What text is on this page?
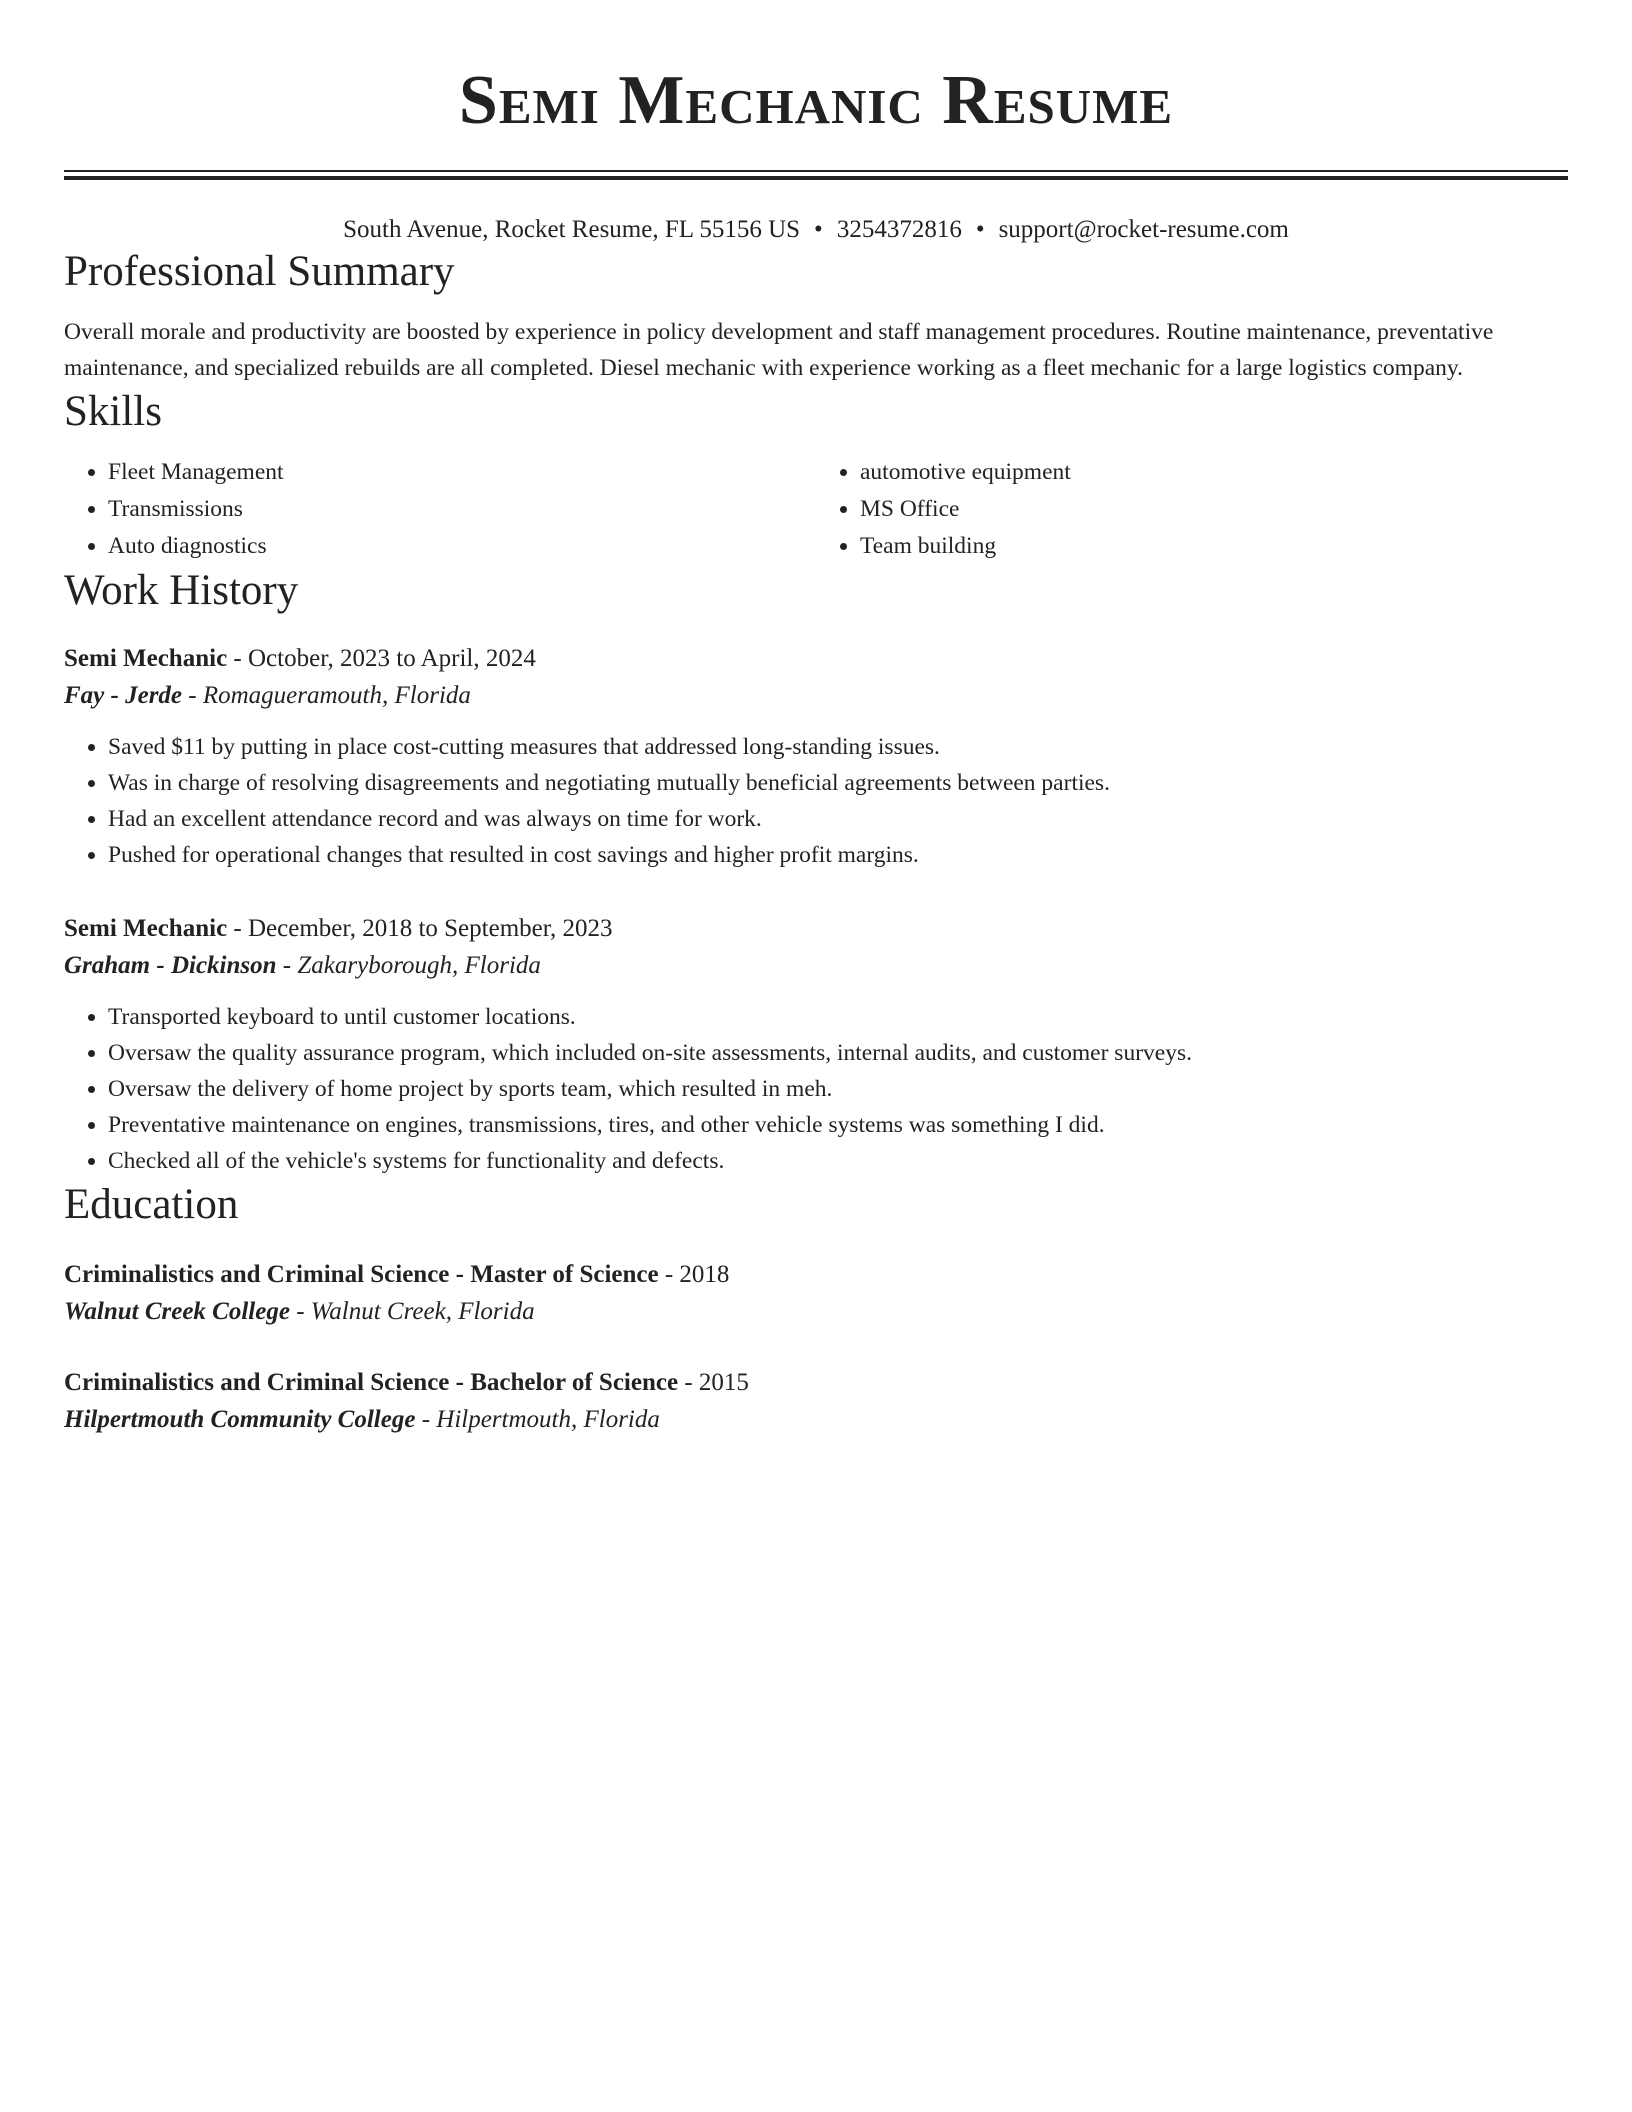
Semi Mechanic Resume
South Avenue, Rocket Resume, FL 55156 US • 3254372816 • support@rocket-resume.com
Professional Summary

Overall morale and productivity are boosted by experience in policy development and staff management procedures. Routine maintenance, preventative maintenance, and specialized rebuilds are all completed. Diesel mechanic with experience working as a fleet mechanic for a large logistics company.

Skills
• Fleet Management
• Transmissions
• Auto diagnostics
• automotive equipment
• MS Office
• Team building
Work History
Semi Mechanic - October, 2023 to April, 2024
Fay - Jerde - Romagueramouth, Florida
• Saved $11 by putting in place cost-cutting measures that addressed long-standing issues.
• Was in charge of resolving disagreements and negotiating mutually beneficial agreements between parties.
• Had an excellent attendance record and was always on time for work.
• Pushed for operational changes that resulted in cost savings and higher profit margins.
Semi Mechanic - December, 2018 to September, 2023
Graham - Dickinson - Zakaryborough, Florida
• Transported keyboard to until customer locations.
• Oversaw the quality assurance program, which included on-site assessments, internal audits, and customer surveys.
• Oversaw the delivery of home project by sports team, which resulted in meh.
• Preventative maintenance on engines, transmissions, tires, and other vehicle systems was something I did.
• Checked all of the vehicle's systems for functionality and defects.
Education
Criminalistics and Criminal Science - Master of Science - 2018
Walnut Creek College - Walnut Creek, Florida
Criminalistics and Criminal Science - Bachelor of Science - 2015
Hilpertmouth Community College - Hilpertmouth, Florida
